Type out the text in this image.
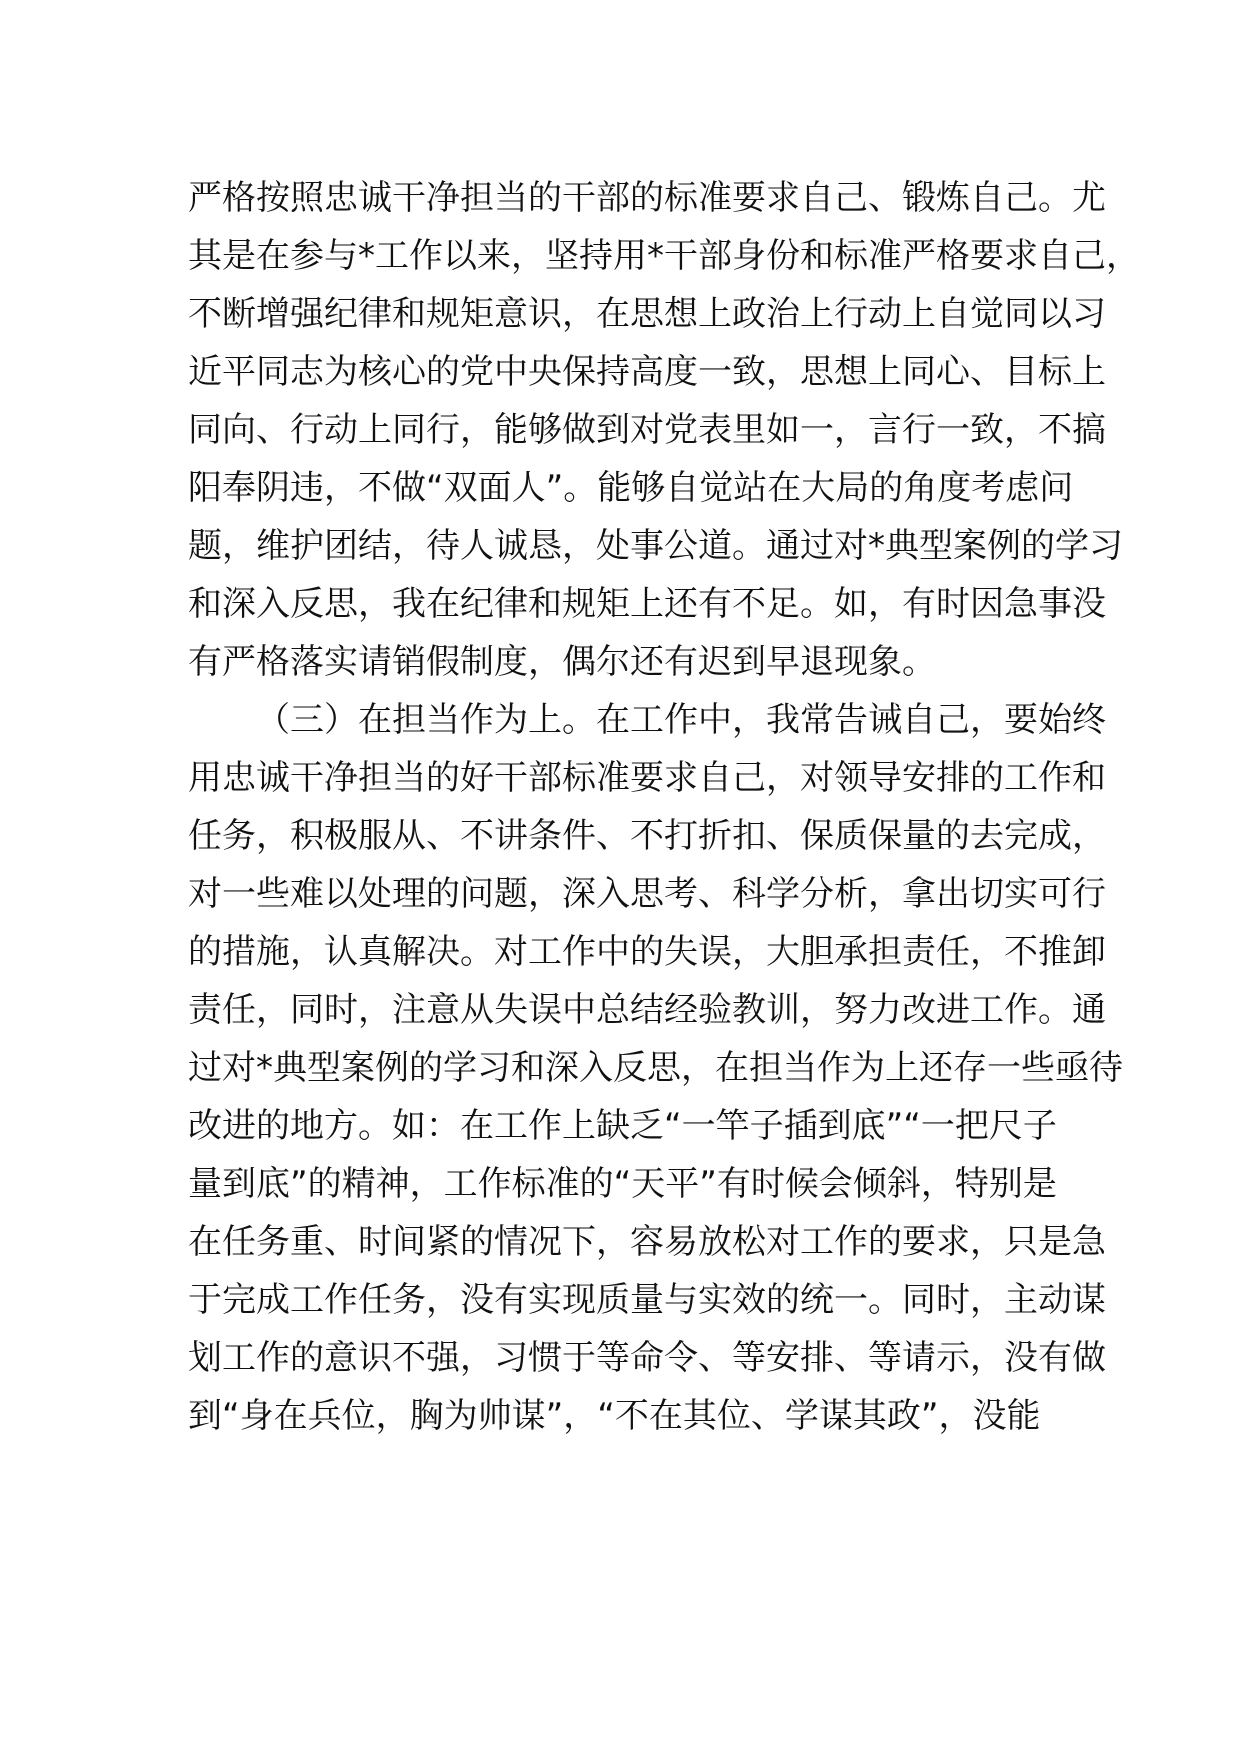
严格按照忠诚干净担当的干部的标准要求自己、锻炼自己。尤
其是在参与*工作以来，坚持用*干部身份和标准严格要求自己，
不断增强纪律和规矩意识，在思想上政治上行动上自觉同以习
近平同志为核心的党中央保持高度一致，思想上同心、目标上
同向、行动上同行，能够做到对党表里如一，言行一致，不搞
阳奉阴违，不做“双面人”。能够自觉站在大局的角度考虑问
题，维护团结，待人诚恳，处事公道。通过对*典型案例的学习
和深入反思，我在纪律和规矩上还有不足。如，有时因急事没
有严格落实请销假制度，偶尔还有迟到早退现象。
（三）在担当作为上。在工作中，我常告诫自己，要始终
用忠诚干净担当的好干部标准要求自己，对领导安排的工作和
任务，积极服从、不讲条件、不打折扣、保质保量的去完成，
对一些难以处理的问题，深入思考、科学分析，拿出切实可行
的措施，认真解决。对工作中的失误，大胆承担责任，不推卸
责任，同时，注意从失误中总结经验教训，努力改进工作。通
过对*典型案例的学习和深入反思，在担当作为上还存一些亟待
改进的地方。如：在工作上缺乏“一竿子插到底”“一把尺子
量到底”的精神，工作标准的“天平”有时候会倾斜，特别是
在任务重、时间紧的情况下，容易放松对工作的要求，只是急
于完成工作任务，没有实现质量与实效的统一。同时，主动谋
划工作的意识不强，习惯于等命令、等安排、等请示，没有做
到“身在兵位，胸为帅谋”，“不在其位、学谋其政”，没能
